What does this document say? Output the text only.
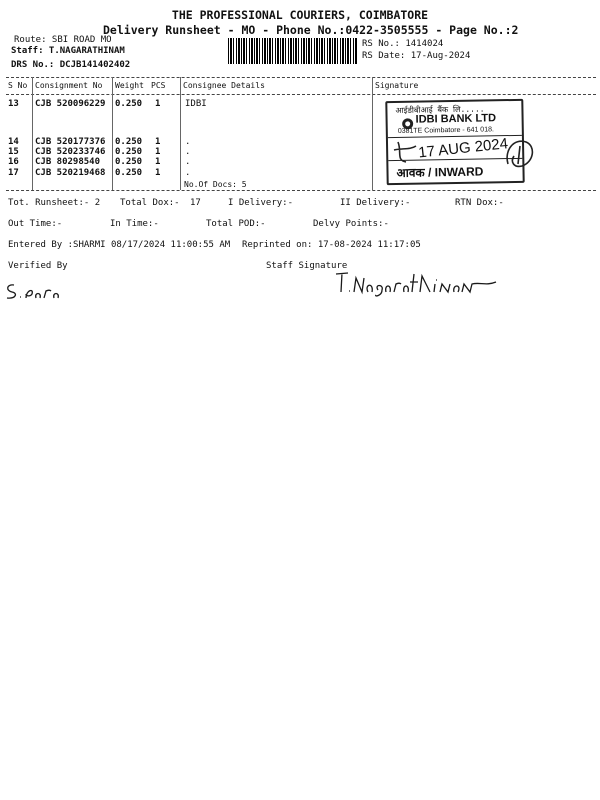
THE PROFESSIONAL COURIERS, COIMBATORE
Delivery Runsheet - MO - Phone No.:0422-3505555 - Page No.:2
Route: SBI ROAD MO
Staff: T.NAGARATHINAM
DRS No.: DCJB141402402
RS No.: 1414024
RS Date: 17-Aug-2024
S No Consignment No Weight PCS Consignee Details	Signature
13 CJB 520096229 0.250 1	IDBI
14 CJB 520177376 0.250 1	.
15 CJB 520233746 0.250 1	.
16 CJB 80298540 0.250 1	.
17 CJB 520219468 0.250 1	.
No.Of Docs: 5
आईडीबीआई बैंक लि.....
IDBI BANK LTD
0381TE Coimbatore - 641 018.
17 AUG 2024
आवक / INWARD
Tot. Runsheet:- 2 Total Dox:- 17	I Delivery:-	II Delivery:-	RTN Dox:-
Out Time:-	In Time:-	Total POD:-	Delvy Points:-
Entered By :SHARMI 08/17/2024 11:00:55 AM Reprinted on: 17-08-2024 11:17:05
Verified By	Staff Signature
